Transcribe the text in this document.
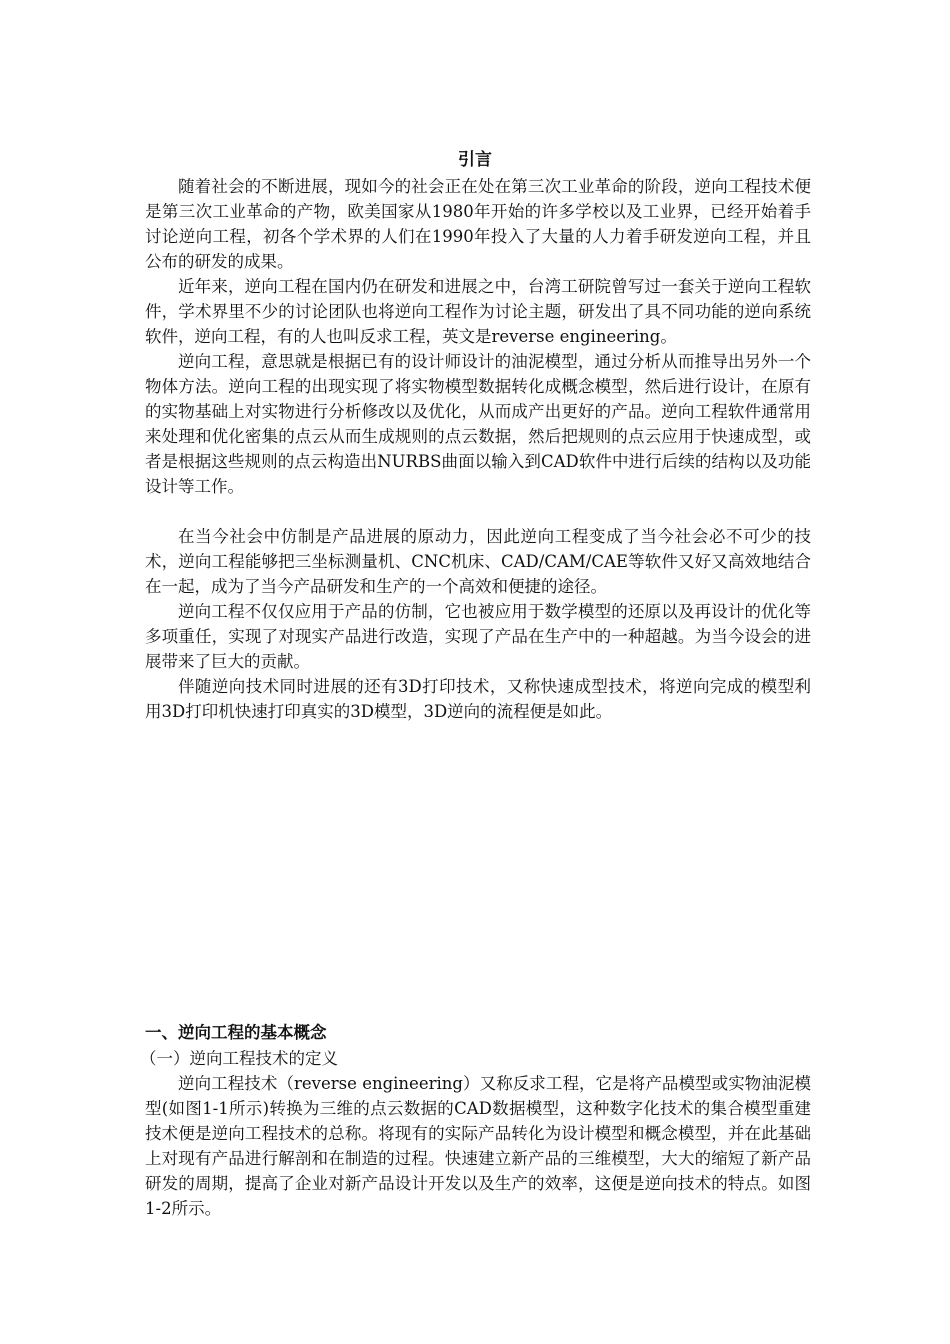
引言

随着社会的不断进展，现如今的社会正在处在第三次工业革命的阶段，逆向工程技术便是第三次工业革命的产物，欧美国家从1980年开始的许多学校以及工业界，已经开始着手讨论逆向工程，初各个学术界的人们在1990年投入了大量的人力着手研发逆向工程，并且公布的研发的成果。

近年来，逆向工程在国内仍在研发和进展之中，台湾工研院曾写过一套关于逆向工程软件，学术界里不少的讨论团队也将逆向工程作为讨论主题，研发出了具不同功能的逆向系统软件，逆向工程，有的人也叫反求工程，英文是reverse engineering。

逆向工程，意思就是根据已有的设计师设计的油泥模型，通过分析从而推导出另外一个物体方法。逆向工程的出现实现了将实物模型数据转化成概念模型，然后进行设计，在原有的实物基础上对实物进行分析修改以及优化，从而成产出更好的产品。逆向工程软件通常用来处理和优化密集的点云从而生成规则的点云数据，然后把规则的点云应用于快速成型，或者是根据这些规则的点云构造出NURBS曲面以输入到CAD软件中进行后续的结构以及功能设计等工作。

在当今社会中仿制是产品进展的原动力，因此逆向工程变成了当今社会必不可少的技术，逆向工程能够把三坐标测量机、CNC机床、CAD/CAM/CAE等软件又好又高效地结合在一起，成为了当今产品研发和生产的一个高效和便捷的途径。

逆向工程不仅仅应用于产品的仿制，它也被应用于数学模型的还原以及再设计的优化等多项重任，实现了对现实产品进行改造，实现了产品在生产中的一种超越。为当今设会的进展带来了巨大的贡献。

伴随逆向技术同时进展的还有3D打印技术，又称快速成型技术，将逆向完成的模型利用3D打印机快速打印真实的3D模型，3D逆向的流程便是如此。

一、逆向工程的基本概念
（一）逆向工程技术的定义

逆向工程技术（reverse engineering）又称反求工程，它是将产品模型或实物油泥模型(如图1-1所示)转换为三维的点云数据的CAD数据模型，这种数字化技术的集合模型重建技术便是逆向工程技术的总称。将现有的实际产品转化为设计模型和概念模型，并在此基础上对现有产品进行解剖和在制造的过程。快速建立新产品的三维模型，大大的缩短了新产品研发的周期，提高了企业对新产品设计开发以及生产的效率，这便是逆向技术的特点。如图1-2所示。
